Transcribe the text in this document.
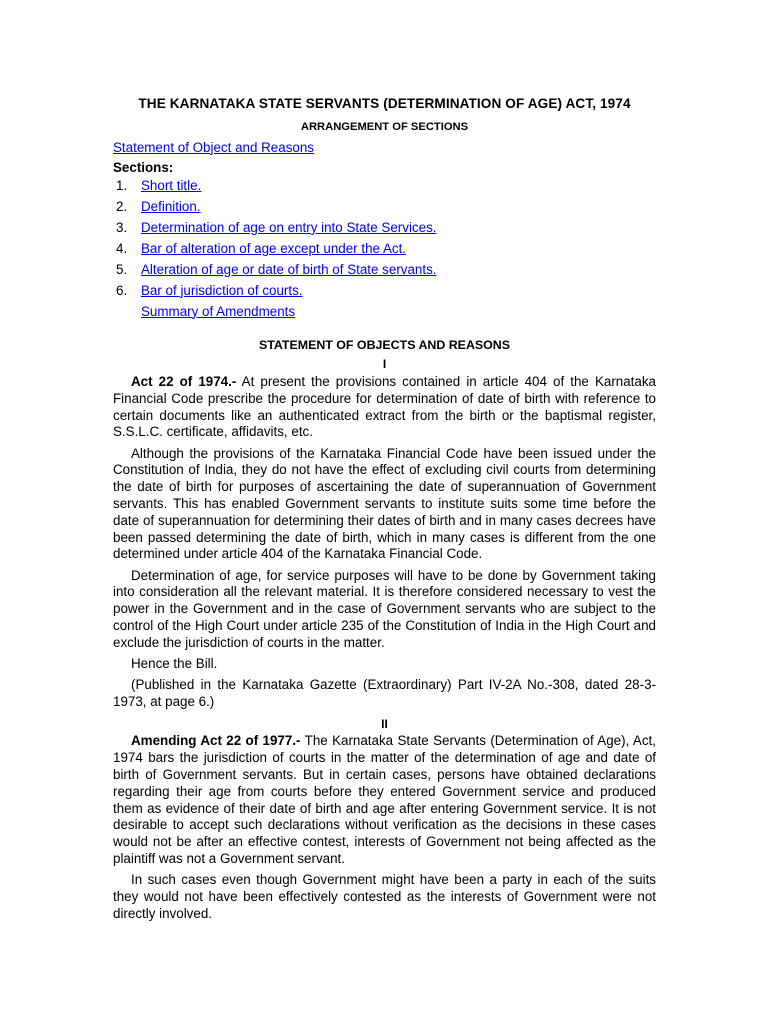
THE KARNATAKA STATE SERVANTS (DETERMINATION OF AGE) ACT, 1974
ARRANGEMENT OF SECTIONS
Statement of Object and Reasons
Sections:
1. Short title.
2. Definition.
3. Determination of age on entry into State Services.
4. Bar of alteration of age except under the Act.
5. Alteration of age or date of birth of State servants.
6. Bar of jurisdiction of courts.
Summary of Amendments
STATEMENT OF OBJECTS AND REASONS
I

Act 22 of 1974.- At present the provisions contained in article 404 of the Karnataka Financial Code prescribe the procedure for determination of date of birth with reference to certain documents like an authenticated extract from the birth or the baptismal register, S.S.L.C. certificate, affidavits, etc.

Although the provisions of the Karnataka Financial Code have been issued under the Constitution of India, they do not have the effect of excluding civil courts from determining the date of birth for purposes of ascertaining the date of superannuation of Government servants. This has enabled Government servants to institute suits some time before the date of superannuation for determining their dates of birth and in many cases decrees have been passed determining the date of birth, which in many cases is different from the one determined under article 404 of the Karnataka Financial Code.

Determination of age, for service purposes will have to be done by Government taking into consideration all the relevant material. It is therefore considered necessary to vest the power in the Government and in the case of Government servants who are subject to the control of the High Court under article 235 of the Constitution of India in the High Court and exclude the jurisdiction of courts in the matter.

Hence the Bill.

(Published in the Karnataka Gazette (Extraordinary) Part IV-2A No.-308, dated 28-3-1973, at page 6.)

II

Amending Act 22 of 1977.- The Karnataka State Servants (Determination of Age), Act, 1974 bars the jurisdiction of courts in the matter of the determination of age and date of birth of Government servants. But in certain cases, persons have obtained declarations regarding their age from courts before they entered Government service and produced them as evidence of their date of birth and age after entering Government service. It is not desirable to accept such declarations without verification as the decisions in these cases would not be after an effective contest, interests of Government not being affected as the plaintiff was not a Government servant.

In such cases even though Government might have been a party in each of the suits they would not have been effectively contested as the interests of Government were not directly involved.
